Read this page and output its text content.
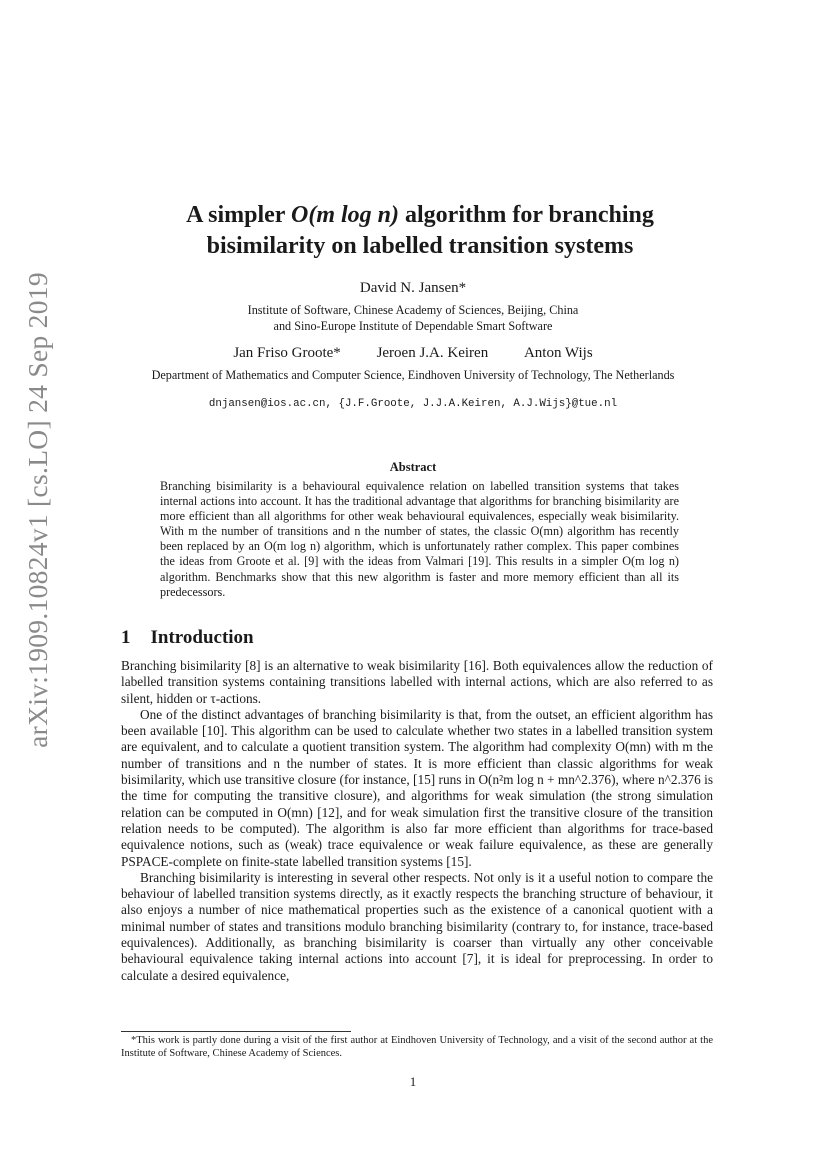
arXiv:1909.10824v1 [cs.LO] 24 Sep 2019
A simpler O(m log n) algorithm for branching
bisimilarity on labelled transition systems
David N. Jansen*
Institute of Software, Chinese Academy of Sciences, Beijing, China
and Sino-Europe Institute of Dependable Smart Software
Jan Friso Groote* Jeroen J.A. Keiren Anton Wijs
Department of Mathematics and Computer Science, Eindhoven University of Technology, The Netherlands
dnjansen@ios.ac.cn, {J.F.Groote, J.J.A.Keiren, A.J.Wijs}@tue.nl
Abstract
Branching bisimilarity is a behavioural equivalence relation on labelled transition systems that takes internal actions into account. It has the traditional advantage that algorithms for branching bisimilarity are more efficient than all algorithms for other weak behavioural equivalences, especially weak bisimilarity. With m the number of transitions and n the number of states, the classic O(mn) algorithm has recently been replaced by an O(m log n) algorithm, which is unfortunately rather complex. This paper combines the ideas from Groote et al. [9] with the ideas from Valmari [19]. This results in a simpler O(m log n) algorithm. Benchmarks show that this new algorithm is faster and more memory efficient than all its predecessors.
1 Introduction

Branching bisimilarity [8] is an alternative to weak bisimilarity [16]. Both equivalences allow the reduction of labelled transition systems containing transitions labelled with internal actions, which are also referred to as silent, hidden or τ-actions.

One of the distinct advantages of branching bisimilarity is that, from the outset, an efficient algorithm has been available [10]. This algorithm can be used to calculate whether two states in a labelled transition system are equivalent, and to calculate a quotient transition system. The algorithm had complexity O(mn) with m the number of transitions and n the number of states. It is more efficient than classic algorithms for weak bisimilarity, which use transitive closure (for instance, [15] runs in O(n²m log n + mn^2.376), where n^2.376 is the time for computing the transitive closure), and algorithms for weak simulation (the strong simulation relation can be computed in O(mn) [12], and for weak simulation first the transitive closure of the transition relation needs to be computed). The algorithm is also far more efficient than algorithms for trace-based equivalence notions, such as (weak) trace equivalence or weak failure equivalence, as these are generally PSPACE-complete on finite-state labelled transition systems [15].

Branching bisimilarity is interesting in several other respects. Not only is it a useful notion to compare the behaviour of labelled transition systems directly, as it exactly respects the branching structure of behaviour, it also enjoys a number of nice mathematical properties such as the existence of a canonical quotient with a minimal number of states and transitions modulo branching bisimilarity (contrary to, for instance, trace-based equivalences). Additionally, as branching bisimilarity is coarser than virtually any other conceivable behavioural equivalence taking internal actions into account [7], it is ideal for preprocessing. In order to calculate a desired equivalence,

*This work is partly done during a visit of the first author at Eindhoven University of Technology, and a visit of the second author at the Institute of Software, Chinese Academy of Sciences.
1
